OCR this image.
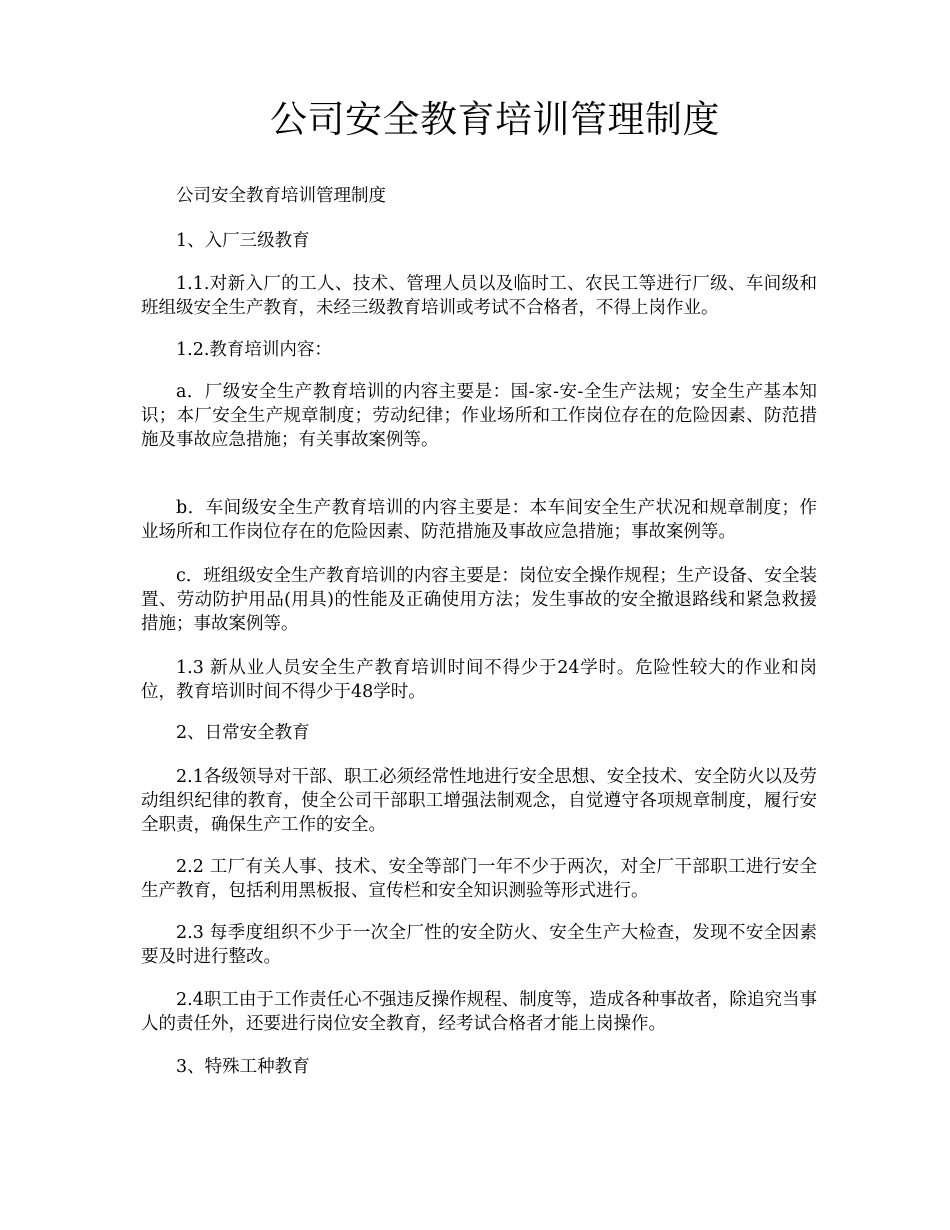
公司安全教育培训管理制度

公司安全教育培训管理制度

1、入厂三级教育

1.1.对新入厂的工人、技术、管理人员以及临时工、农民工等进行厂级、车间级和班组级安全生产教育，未经三级教育培训或考试不合格者，不得上岗作业。

1.2.教育培训内容：

a．厂级安全生产教育培训的内容主要是：国-家-安-全生产法规；安全生产基本知识；本厂安全生产规章制度；劳动纪律；作业场所和工作岗位存在的危险因素、防范措施及事故应急措施；有关事故案例等。

b．车间级安全生产教育培训的内容主要是：本车间安全生产状况和规章制度；作业场所和工作岗位存在的危险因素、防范措施及事故应急措施；事故案例等。

c．班组级安全生产教育培训的内容主要是：岗位安全操作规程；生产设备、安全装置、劳动防护用品(用具)的性能及正确使用方法；发生事故的安全撤退路线和紧急救援措施；事故案例等。

1.3 新从业人员安全生产教育培训时间不得少于24学时。危险性较大的作业和岗位，教育培训时间不得少于48学时。

2、日常安全教育

2.1各级领导对干部、职工必须经常性地进行安全思想、安全技术、安全防火以及劳动组织纪律的教育，使全公司干部职工增强法制观念，自觉遵守各项规章制度，履行安全职责，确保生产工作的安全。

2.2 工厂有关人事、技术、安全等部门一年不少于两次，对全厂干部职工进行安全生产教育，包括利用黑板报、宣传栏和安全知识测验等形式进行。

2.3 每季度组织不少于一次全厂性的安全防火、安全生产大检查，发现不安全因素要及时进行整改。

2.4职工由于工作责任心不强违反操作规程、制度等，造成各种事故者，除追究当事人的责任外，还要进行岗位安全教育，经考试合格者才能上岗操作。

3、特殊工种教育
